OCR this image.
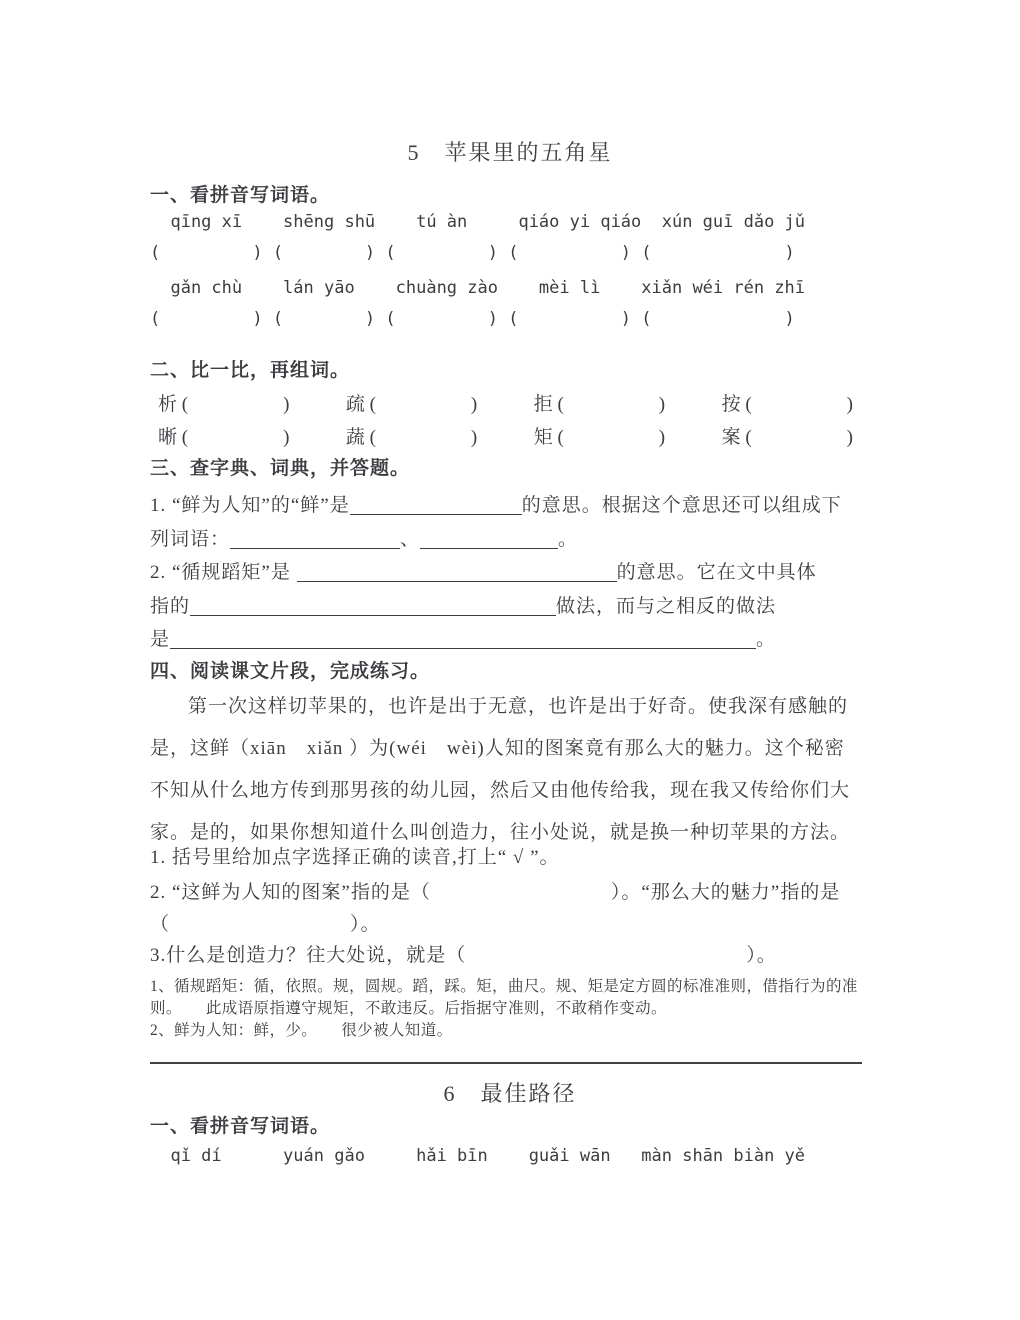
5　苹果里的五角星
一、看拼音写词语。
qīng xī    shēng shū    tú àn     qiáo yi qiáo  xún guī dǎo jǔ
(         ) (        ) (         ) (          ) (             )
gǎn chù    lán yāo    chuàng zào    mèi lì    xiǎn wéi rén zhī
(         ) (        ) (         ) (          ) (             )
二、比一比，再组词。
析 (　　　　　)	疏 (　　　　　)	拒 (　　　　　)	按 (　　　　　)
晰 (　　　　　)	蔬 (　　　　　)	矩 (　　　　　)	案 (　　　　　)
三、查字典、词典，并答题。
1. “鲜为人知”的“鲜”是	的意思。根据这个意思还可以组成下
列词语：	、	。
2. “循规蹈矩”是	的意思。它在文中具体
指的	做法，而与之相反的做法
是	。
四、阅读课文片段，完成练习。
第一次这样切苹果的，也许是出于无意，也许是出于好奇。使我深有感触的是，这鲜（xiān　xiǎn ）为(wéi　wèi)人知的图案竟有那么大的魅力。这个秘密不知从什么地方传到那男孩的幼儿园，然后又由他传给我，现在我又传给你们大家。是的，如果你想知道什么叫创造力，往小处说，就是换一种切苹果的方法。
1. 括号里给加点字选择正确的读音,打上“ √ ”。
2. “这鲜为人知的图案”指的是（　　　　　　　　　）。“那么大的魅力”指的是
（　　　　　　　　　）。
3.什么是创造力？往大处说，就是（　　　　　　　　　　　　　　）。
1、循规蹈矩：循，依照。规，圆规。蹈，踩。矩，曲尺。规、矩是定方圆的标准准则，借指行为的准则。　　此成语原指遵守规矩，不敢违反。后指据守准则，不敢稍作变动。
2、鲜为人知：鲜，少。　　很少被人知道。
6　最佳路径
一、看拼音写词语。
qǐ dí      yuán gǎo     hǎi bīn    guǎi wān   màn shān biàn yě
